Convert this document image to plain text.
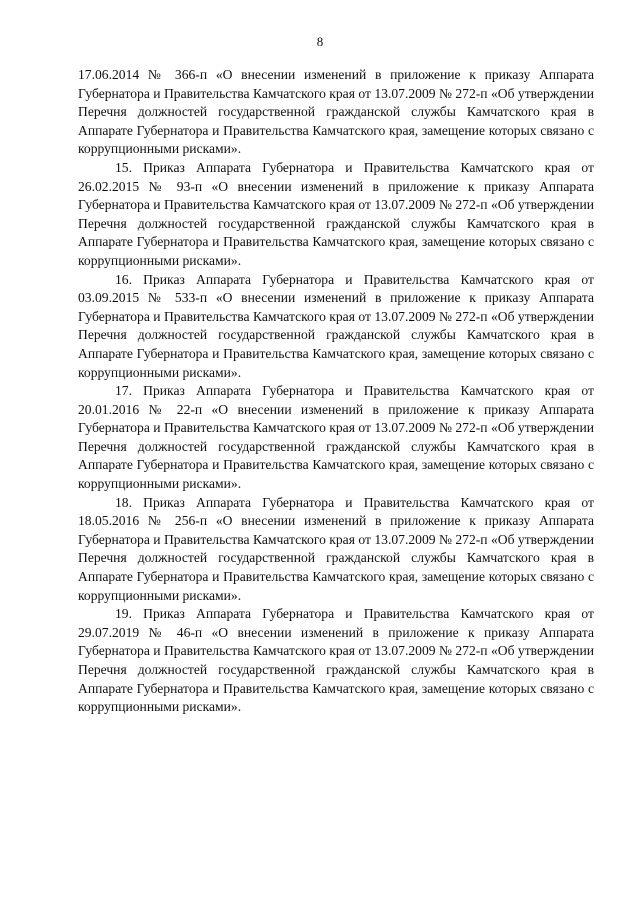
8

17.06.2014 № 366-п «О внесении изменений в приложение к приказу Аппарата Губернатора и Правительства Камчатского края от 13.07.2009 № 272-п «Об утверждении Перечня должностей государственной гражданской службы Камчатского края в Аппарате Губернатора и Правительства Камчатского края, замещение которых связано с коррупционными рисками».

15. Приказ Аппарата Губернатора и Правительства Камчатского края от 26.02.2015 № 93-п «О внесении изменений в приложение к приказу Аппарата Губернатора и Правительства Камчатского края от 13.07.2009 № 272-п «Об утверждении Перечня должностей государственной гражданской службы Камчатского края в Аппарате Губернатора и Правительства Камчатского края, замещение которых связано с коррупционными рисками».

16. Приказ Аппарата Губернатора и Правительства Камчатского края от 03.09.2015 № 533-п «О внесении изменений в приложение к приказу Аппарата Губернатора и Правительства Камчатского края от 13.07.2009 № 272-п «Об утверждении Перечня должностей государственной гражданской службы Камчатского края в Аппарате Губернатора и Правительства Камчатского края, замещение которых связано с коррупционными рисками».

17. Приказ Аппарата Губернатора и Правительства Камчатского края от 20.01.2016 № 22-п «О внесении изменений в приложение к приказу Аппарата Губернатора и Правительства Камчатского края от 13.07.2009 № 272-п «Об утверждении Перечня должностей государственной гражданской службы Камчатского края в Аппарате Губернатора и Правительства Камчатского края, замещение которых связано с коррупционными рисками».

18. Приказ Аппарата Губернатора и Правительства Камчатского края от 18.05.2016 № 256-п «О внесении изменений в приложение к приказу Аппарата Губернатора и Правительства Камчатского края от 13.07.2009 № 272-п «Об утверждении Перечня должностей государственной гражданской службы Камчатского края в Аппарате Губернатора и Правительства Камчатского края, замещение которых связано с коррупционными рисками».

19. Приказ Аппарата Губернатора и Правительства Камчатского края от 29.07.2019 № 46-п «О внесении изменений в приложение к приказу Аппарата Губернатора и Правительства Камчатского края от 13.07.2009 № 272-п «Об утверждении Перечня должностей государственной гражданской службы Камчатского края в Аппарате Губернатора и Правительства Камчатского края, замещение которых связано с коррупционными рисками».
